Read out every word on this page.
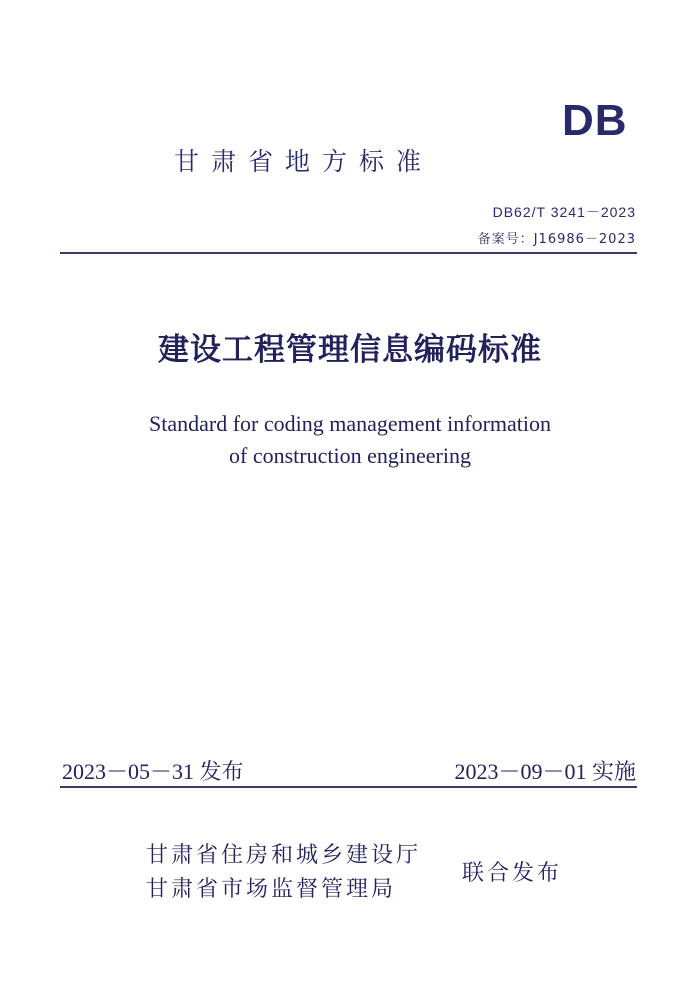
DB
甘肃省地方标准
DB62/T 3241－2023
备案号：J16986－2023
建设工程管理信息编码标准
Standard for coding management information
of construction engineering
2023－05－31 发布	2023－09－01 实施
甘肃省住房和城乡建设厅
甘肃省市场监督管理局
联合发布
